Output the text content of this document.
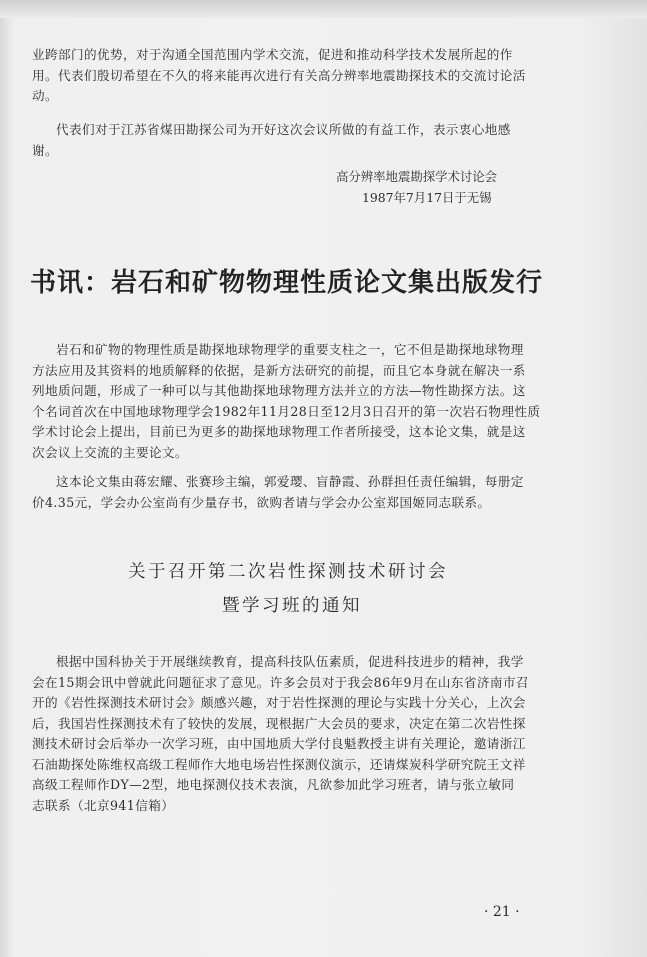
业跨部门的优势，对于沟通全国范围内学术交流，促进和推动科学技术发展所起的作
用。代表们殷切希望在不久的将来能再次进行有关高分辨率地震勘探技术的交流讨论活
动。
代表们对于江苏省煤田勘探公司为开好这次会议所做的有益工作，表示衷心地感
谢。
高分辨率地震勘探学术讨论会
1987年7月17日于无锡
书讯：岩石和矿物物理性质论文集出版发行
岩石和矿物的物理性质是勘探地球物理学的重要支柱之一，它不但是勘探地球物理
方法应用及其资料的地质解释的依据，是新方法研究的前提，而且它本身就在解决一系
列地质问题，形成了一种可以与其他勘探地球物理方法并立的方法—物性勘探方法。这
个名词首次在中国地球物理学会1982年11月28日至12月3日召开的第一次岩石物理性质
学术讨论会上提出，目前已为更多的勘探地球物理工作者所接受，这本论文集，就是这
次会议上交流的主要论文。
这本论文集由蒋宏耀、张赛珍主编，郭爱璎、盲静霞、孙群担任责任编辑，每册定
价4.35元，学会办公室尚有少量存书，欲购者请与学会办公室郑国姬同志联系。
关于召开第二次岩性探测技术研讨会
暨学习班的通知
根据中国科协关于开展继续教育，提高科技队伍素质，促进科技进步的精神，我学
会在15期会讯中曾就此问题征求了意见。许多会员对于我会86年9月在山东省济南市召
开的《岩性探测技术研讨会》颇感兴趣，对于岩性探测的理论与实践十分关心，上次会
后，我国岩性探测技术有了较快的发展，现根据广大会员的要求，决定在第二次岩性探
测技术研讨会后举办一次学习班，由中国地质大学付良魁教授主讲有关理论，邀请浙江
石油勘探处陈维权高级工程师作大地电场岩性探测仪演示，还请煤炭科学研究院王文祥
高级工程师作DY—2型，地电探测仪技术表演，凡欲参加此学习班者，请与张立敏同
志联系（北京941信箱）
· 21 ·
